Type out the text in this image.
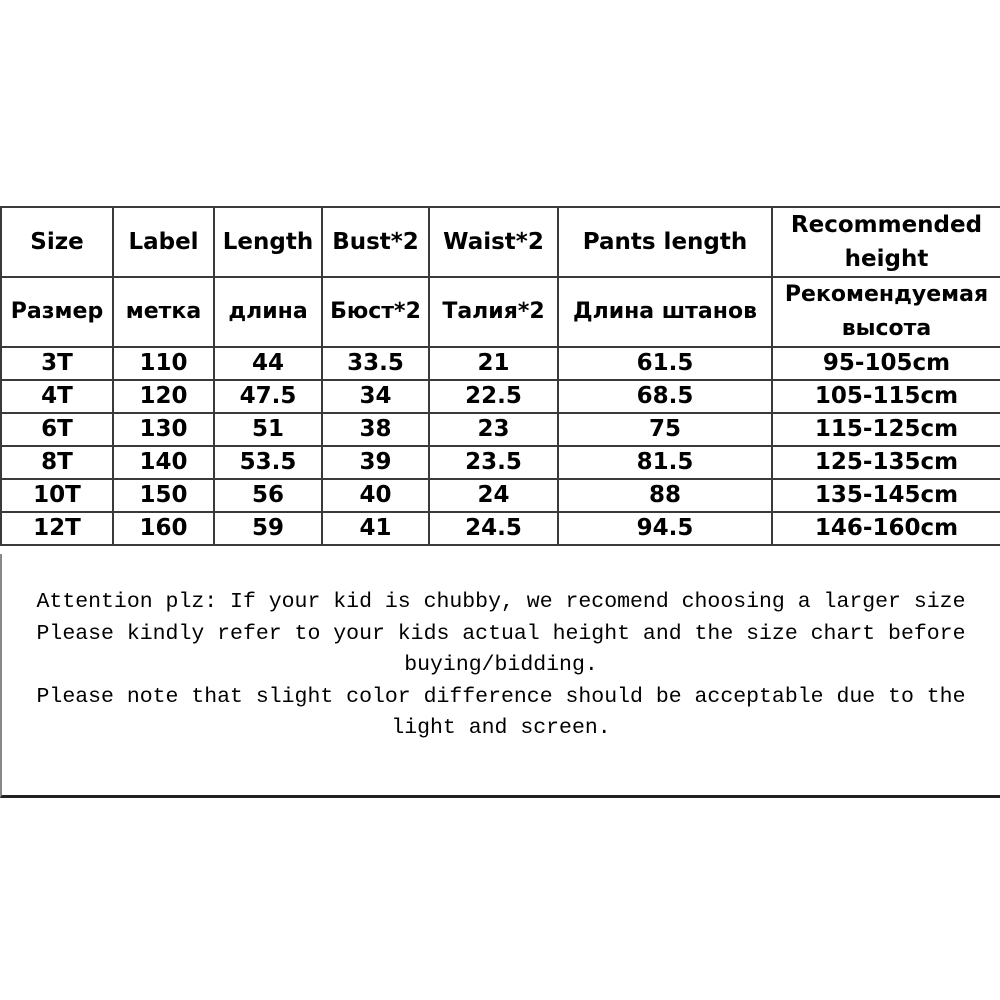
Size	Label	Length	Bust*2	Waist*2	Pants length	Recommended height
Размер	метка	длина	Бюст*2	Талия*2	Длина штанов	Рекомендуемая высота
3T	110	44	33.5	21	61.5	95-105cm
4T	120	47.5	34	22.5	68.5	105-115cm
6T	130	51	38	23	75	115-125cm
8T	140	53.5	39	23.5	81.5	125-135cm
10T	150	56	40	24	88	135-145cm
12T	160	59	41	24.5	94.5	146-160cm

Attention plz: If your kid is chubby, we recomend choosing a larger size

Please kindly refer to your kids actual height and the size chart before buying/bidding.

Please note that slight color difference should be acceptable due to the light and screen.
